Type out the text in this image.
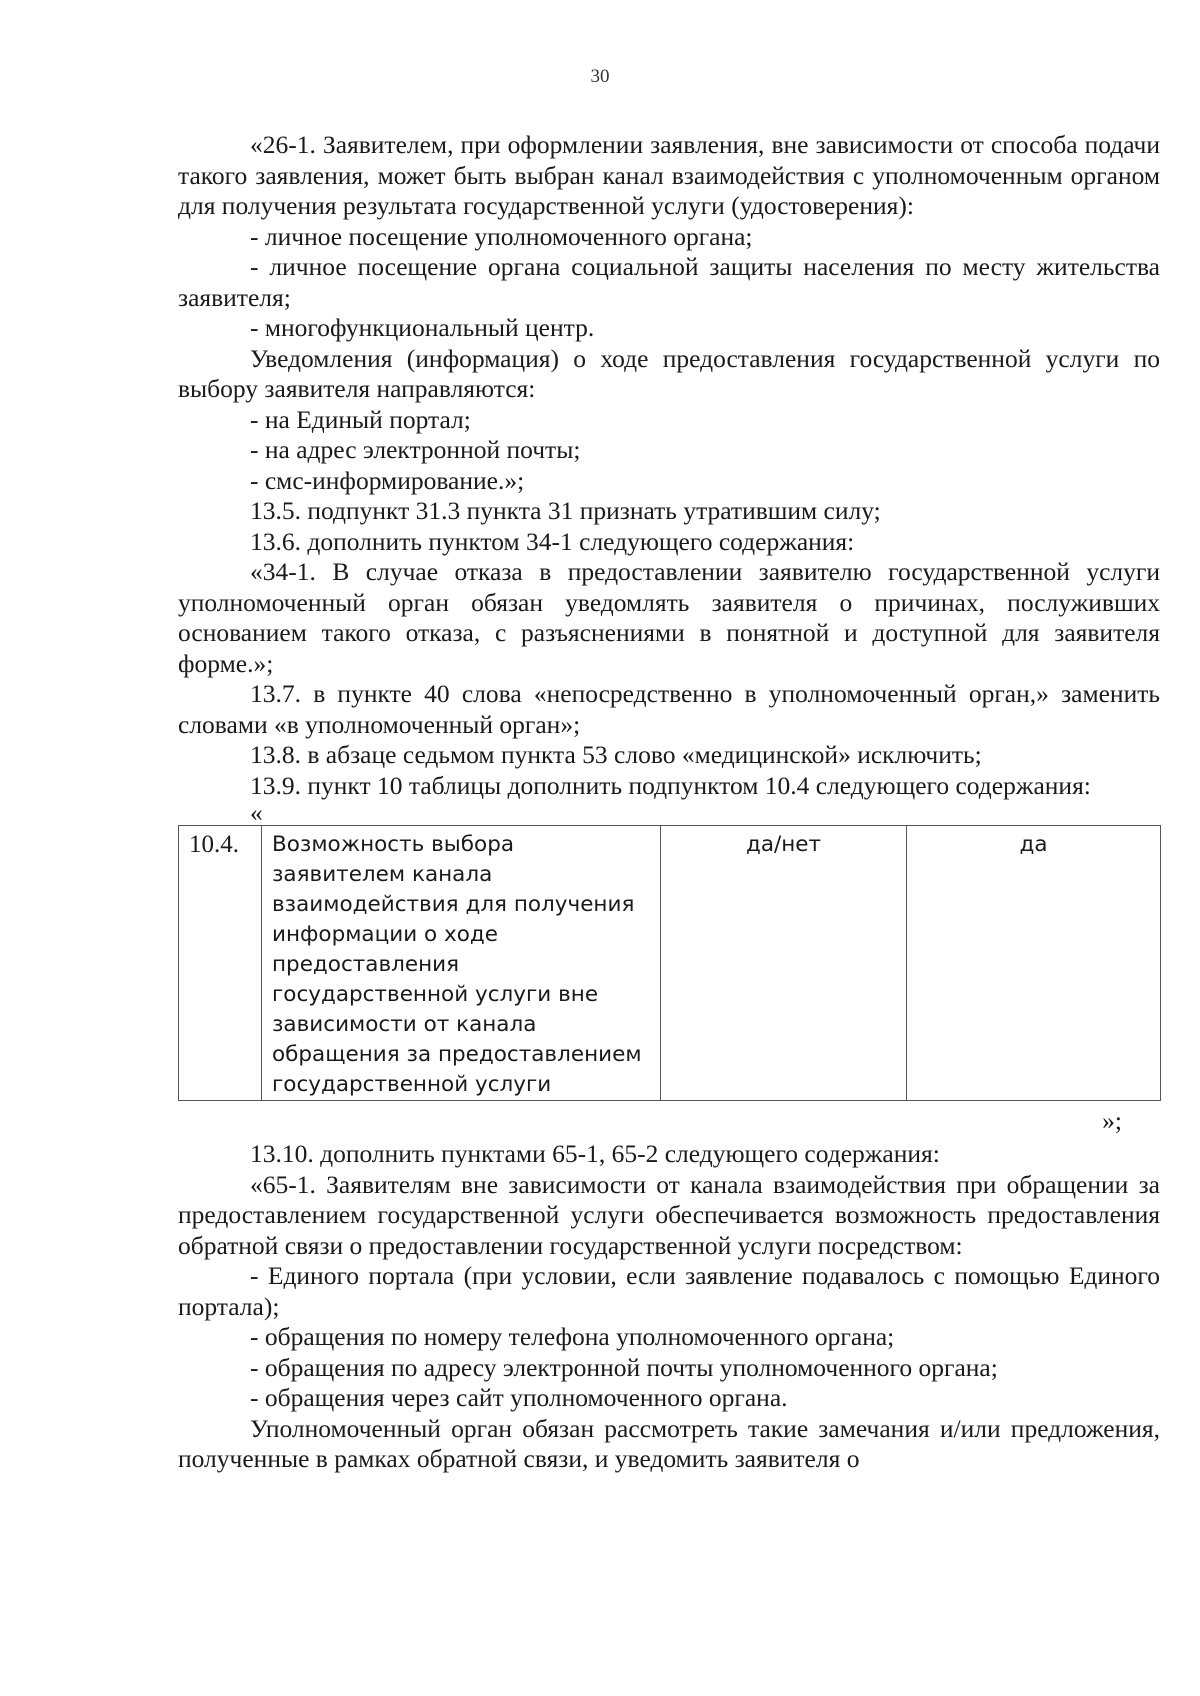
30

«26-1. Заявителем, при оформлении заявления, вне зависимости от способа подачи такого заявления, может быть выбран канал взаимодействия с уполномоченным органом для получения результата государственной услуги (удостоверения):

- личное посещение уполномоченного органа;

- личное посещение органа социальной защиты населения по месту жительства заявителя;

- многофункциональный центр.

Уведомления (информация) о ходе предоставления государственной услуги по выбору заявителя направляются:

- на Единый портал;

- на адрес электронной почты;

- смс-информирование.»;

13.5. подпункт 31.3 пункта 31 признать утратившим силу;

13.6. дополнить пунктом 34-1 следующего содержания:

«34-1. В случае отказа в предоставлении заявителю государственной услуги уполномоченный орган обязан уведомлять заявителя о причинах, послуживших основанием такого отказа, с разъяснениями в понятной и доступной для заявителя форме.»;

13.7. в пункте 40 слова «непосредственно в уполномоченный орган,» заменить словами «в уполномоченный орган»;

13.8. в абзаце седьмом пункта 53 слово «медицинской» исключить;

13.9. пункт 10 таблицы дополнить подпунктом 10.4 следующего содержания:

«

10.4.	Возможность выбора заявителем канала взаимодействия для получения информации о ходе предоставления государственной услуги вне зависимости от канала обращения за предоставлением государственной услуги	да/нет	да

»;

13.10. дополнить пунктами 65-1, 65-2 следующего содержания:

«65-1. Заявителям вне зависимости от канала взаимодействия при обращении за предоставлением государственной услуги обеспечивается возможность предоставления обратной связи о предоставлении государственной услуги посредством:

- Единого портала (при условии, если заявление подавалось с помощью Единого портала);

- обращения по номеру телефона уполномоченного органа;

- обращения по адресу электронной почты уполномоченного органа;

- обращения через сайт уполномоченного органа.

Уполномоченный орган обязан рассмотреть такие замечания и/или предложения, полученные в рамках обратной связи, и уведомить заявителя о
